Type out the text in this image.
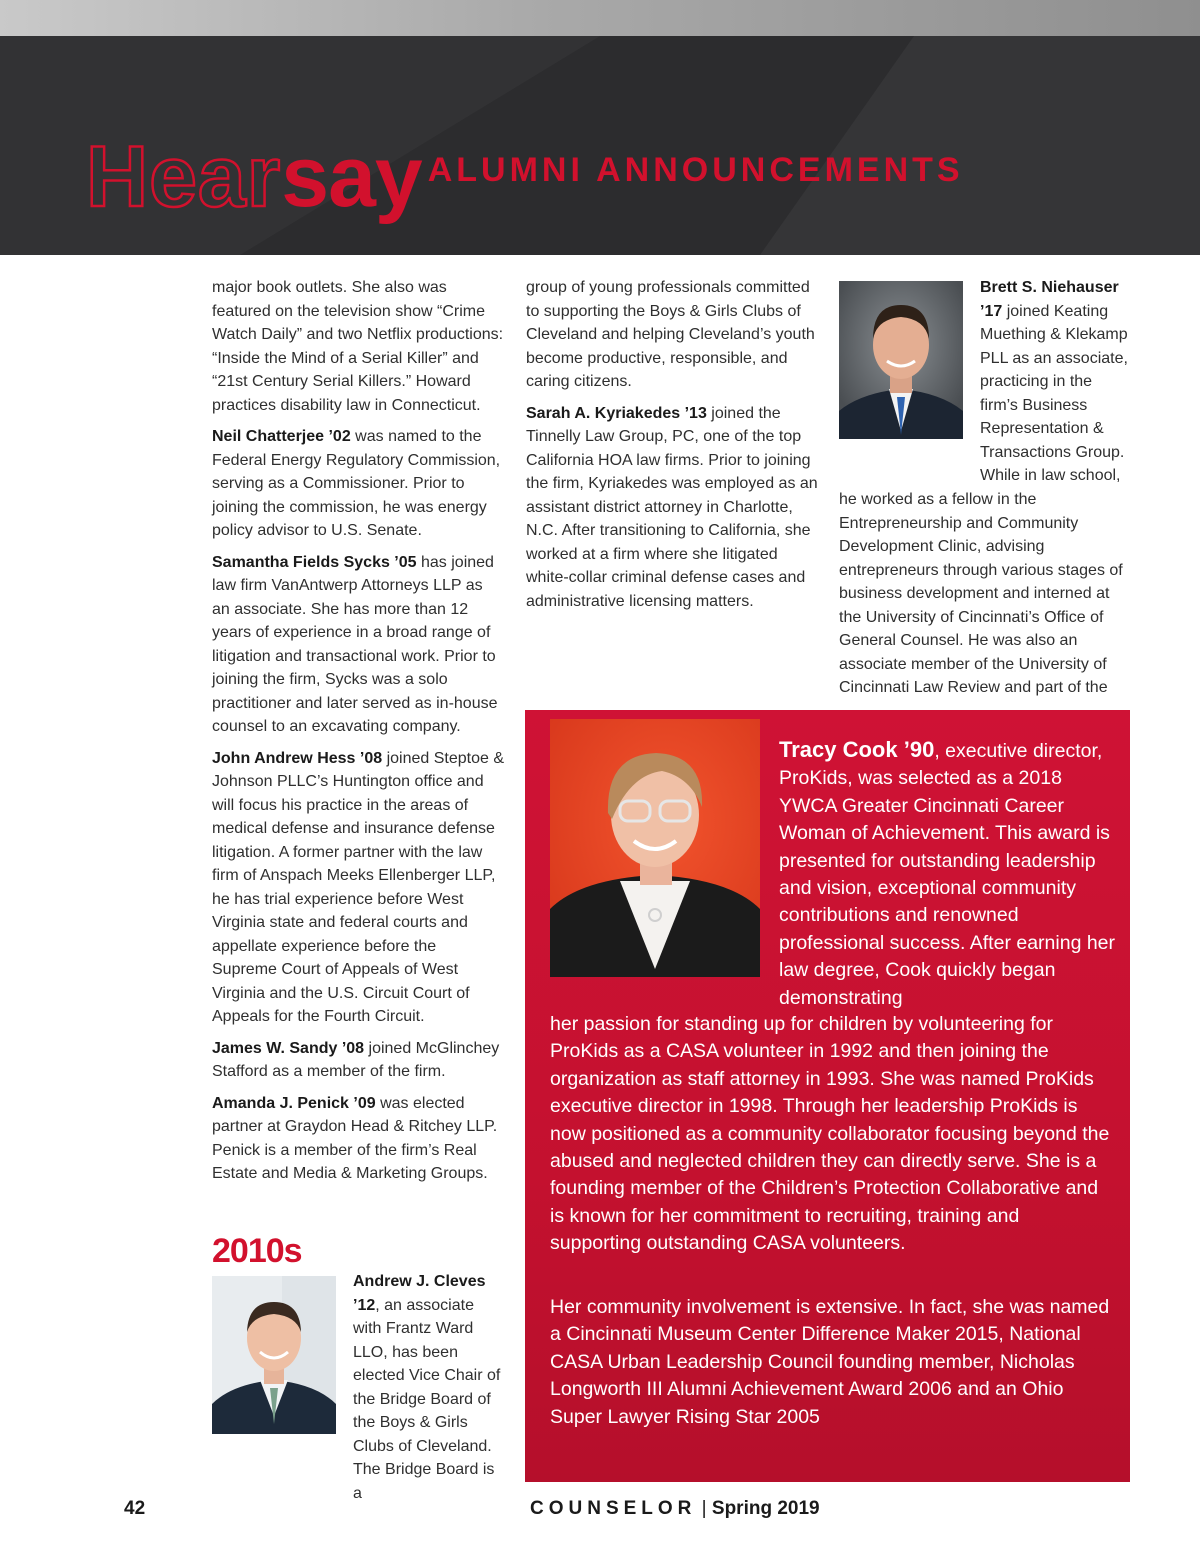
Hear say ALUMNI ANNOUNCEMENTS

major book outlets. She also was featured on the television show “Crime Watch Daily” and two Netflix productions: “Inside the Mind of a Serial Killer” and “21st Century Serial Killers.” Howard practices disability law in Connecticut.

Neil Chatterjee ’02 was named to the Federal Energy Regulatory Commission, serving as a Commissioner. Prior to joining the commission, he was energy policy advisor to U.S. Senate.

Samantha Fields Sycks ’05 has joined law firm VanAntwerp Attorneys LLP as an associate. She has more than 12 years of experience in a broad range of litigation and transactional work. Prior to joining the firm, Sycks was a solo practitioner and later served as in-house counsel to an excavating company.

John Andrew Hess ’08 joined Steptoe & Johnson PLLC’s Huntington office and will focus his practice in the areas of medical defense and insurance defense litigation. A former partner with the law firm of Anspach Meeks Ellenberger LLP, he has trial experience before West Virginia state and federal courts and appellate experience before the Supreme Court of Appeals of West Virginia and the U.S. Circuit Court of Appeals for the Fourth Circuit.

James W. Sandy ’08 joined McGlinchey Stafford as a member of the firm.

Amanda J. Penick ’09 was elected partner at Graydon Head & Ritchey LLP. Penick is a member of the firm’s Real Estate and Media & Marketing Groups.

2010s
Andrew J. Cleves ’12, an associate with Frantz Ward LLO, has been elected Vice Chair of the Bridge Board of the Boys & Girls Clubs of Cleveland. The Bridge Board is a

group of young professionals committed to supporting the Boys & Girls Clubs of Cleveland and helping Cleveland’s youth become productive, responsible, and caring citizens.

Sarah A. Kyriakedes ’13 joined the Tinnelly Law Group, PC, one of the top California HOA law firms. Prior to joining the firm, Kyriakedes was employed as an assistant district attorney in Charlotte, N.C. After transitioning to California, she worked at a firm where she litigated white-collar criminal defense cases and administrative licensing matters.

Brett S. Niehauser ’17 joined Keating Muething & Klekamp PLL as an associate, practicing in the firm’s Business Representation & Transactions Group. While in law school,
he worked as a fellow in the Entrepreneurship and Community Development Clinic, advising entrepreneurs through various stages of business development and interned at the University of Cincinnati’s Office of General Counsel. He was also an associate member of the University of Cincinnati Law Review and part of the
Tracy Cook ’90, executive director, ProKids, was selected as a 2018 YWCA Greater Cincinnati Career Woman of Achievement. This award is presented for outstanding leadership and vision, exceptional community contributions and renowned professional success. After earning her law degree, Cook quickly began demonstrating
her passion for standing up for children by volunteering for ProKids as a CASA volunteer in 1992 and then joining the organization as staff attorney in 1993. She was named ProKids executive director in 1998. Through her leadership ProKids is now positioned as a community collaborator focusing beyond the abused and neglected children they can directly serve. She is a founding member of the Children’s Protection Collaborative and is known for her commitment to recruiting, training and supporting outstanding CASA volunteers.
Her community involvement is extensive. In fact, she was named a Cincinnati Museum Center Difference Maker 2015, National CASA Urban Leadership Council founding member, Nicholas Longworth III Alumni Achievement Award 2006 and an Ohio Super Lawyer Rising Star 2005
42	COUNSELOR | Spring 2019
